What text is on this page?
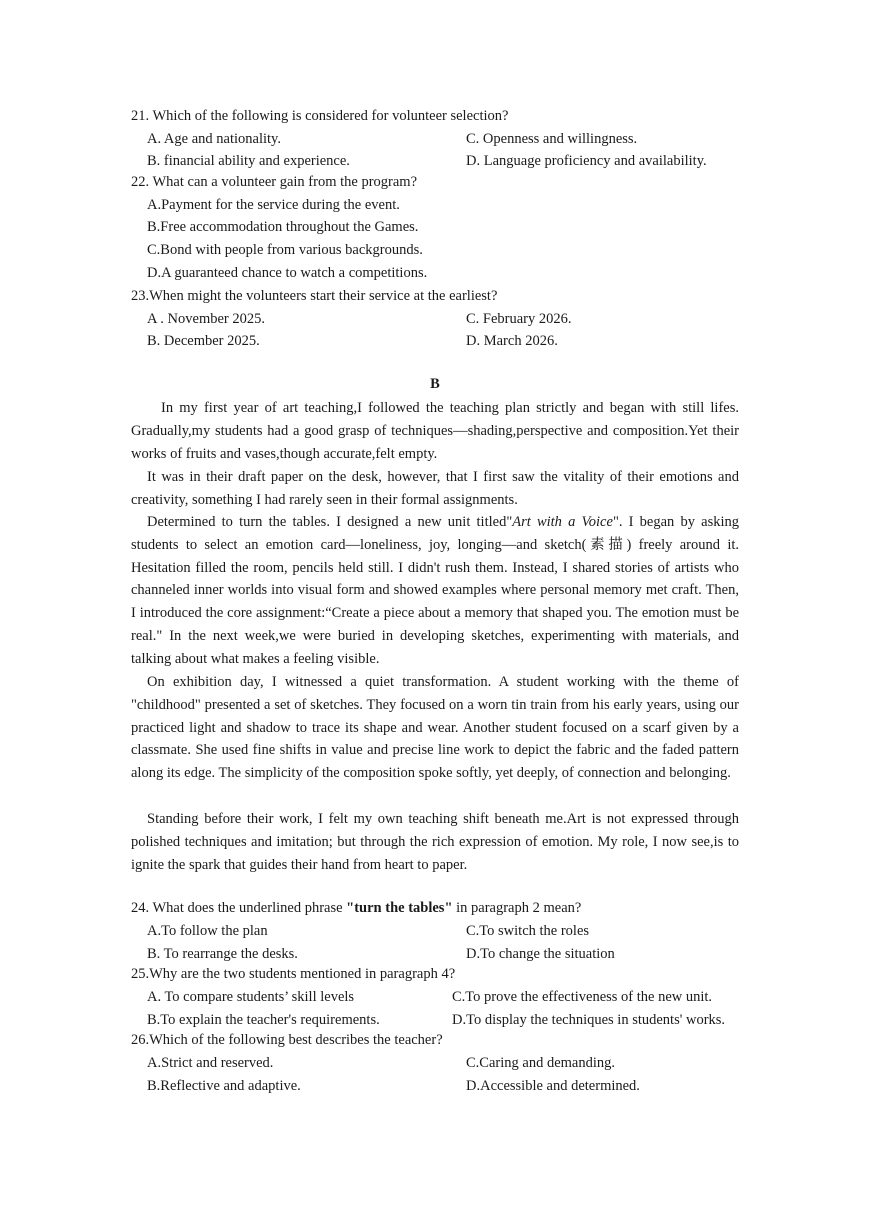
21. Which of the following is considered for volunteer selection?
A. Age and nationality.	C. Openness and willingness.
B. financial ability and experience.	D. Language proficiency and availability.
22. What can a volunteer gain from the program?
A.Payment for the service during the event.
B.Free accommodation throughout the Games.
C.Bond with people from various backgrounds.
D.A guaranteed chance to watch a competitions.
23.When might the volunteers start their service at the earliest?
A . November 2025.	C. February 2026.
B. December 2025.	D. March 2026.
B
In my first year of art teaching,I followed the teaching plan strictly and began with still lifes. Gradually,my students had a good grasp of techniques—shading,perspective and composition.Yet their works of fruits and vases,though accurate,felt empty.
It was in their draft paper on the desk, however, that I first saw the vitality of their emotions and creativity, something I had rarely seen in their formal assignments.
Determined to turn the tables. I designed a new unit titled"Art with a Voice". I began by asking students to select an emotion card—loneliness, joy, longing—and sketch(素描) freely around it. Hesitation filled the room, pencils held still. I didn't rush them. Instead, I shared stories of artists who channeled inner worlds into visual form and showed examples where personal memory met craft. Then, I introduced the core assignment:“Create a piece about a memory that shaped you. The emotion must be real." In the next week,we were buried in developing sketches, experimenting with materials, and talking about what makes a feeling visible.
On exhibition day, I witnessed a quiet transformation. A student working with the theme of "childhood" presented a set of sketches. They focused on a worn tin train from his early years, using our practiced light and shadow to trace its shape and wear. Another student focused on a scarf given by a classmate. She used fine shifts in value and precise line work to depict the fabric and the faded pattern along its edge. The simplicity of the composition spoke softly, yet deeply, of connection and belonging.
Standing before their work, I felt my own teaching shift beneath me.Art is not expressed through polished techniques and imitation; but through the rich expression of emotion. My role, I now see,is to ignite the spark that guides their hand from heart to paper.
24. What does the underlined phrase "turn the tables" in paragraph 2 mean?
A.To follow the plan	C.To switch the roles
B. To rearrange the desks.	D.To change the situation
25.Why are the two students mentioned in paragraph 4?
A. To compare students’ skill levels	C.To prove the effectiveness of the new unit.
B.To explain the teacher's requirements.	D.To display the techniques in students' works.
26.Which of the following best describes the teacher?
A.Strict and reserved.	C.Caring and demanding.
B.Reflective and adaptive.	D.Accessible and determined.
